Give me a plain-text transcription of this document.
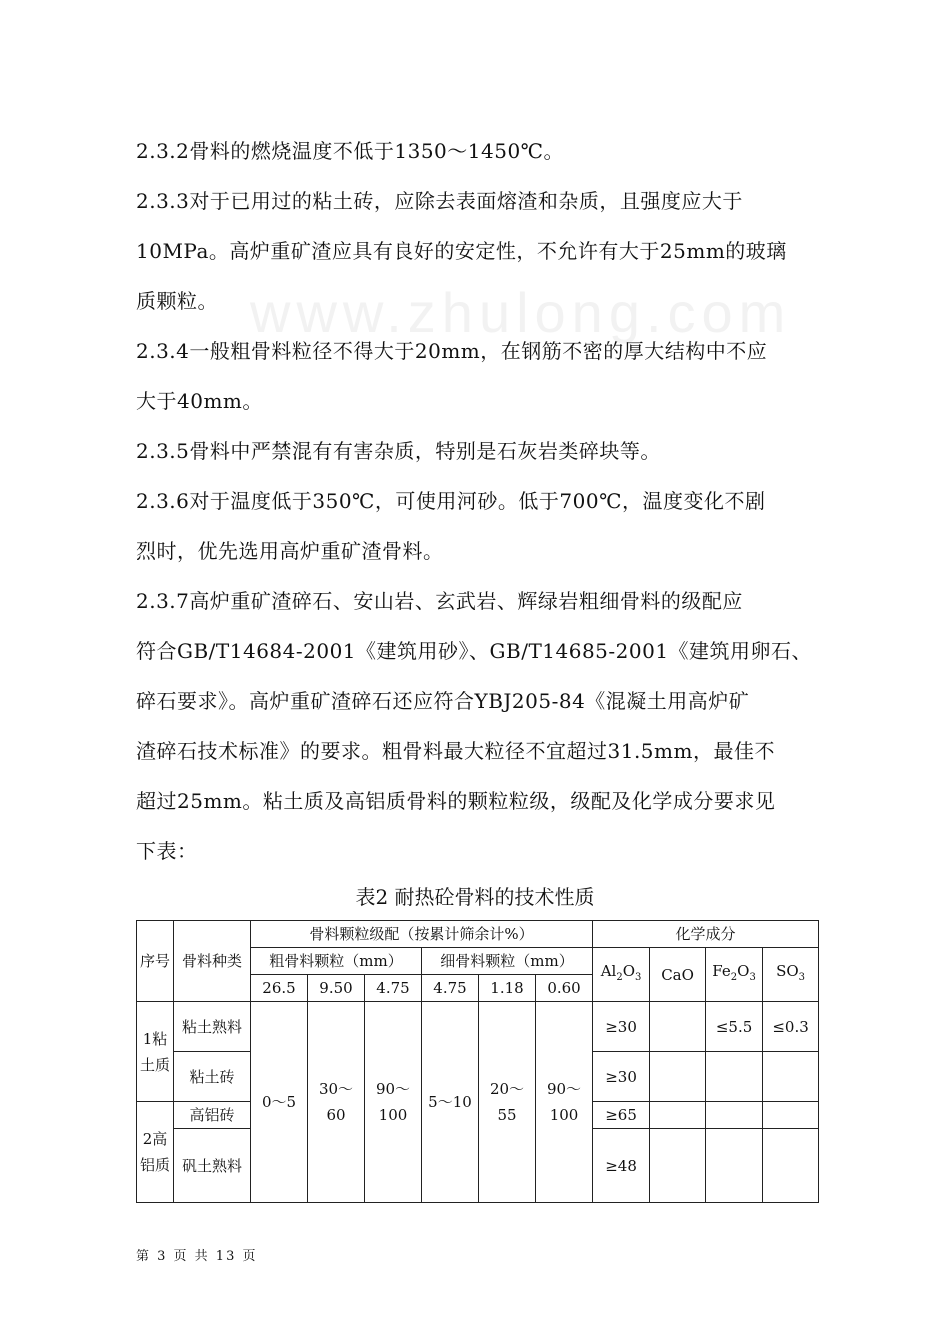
www.zhulong.com
2.3.2骨料的燃烧温度不低于1350～1450℃。
2.3.3对于已用过的粘土砖，应除去表面熔渣和杂质，且强度应大于
10MPa。高炉重矿渣应具有良好的安定性，不允许有大于25mm的玻璃
质颗粒。
2.3.4一般粗骨料粒径不得大于20mm，在钢筋不密的厚大结构中不应
大于40mm。
2.3.5骨料中严禁混有有害杂质，特别是石灰岩类碎块等。
2.3.6对于温度低于350℃，可使用河砂。低于700℃，温度变化不剧
烈时，优先选用高炉重矿渣骨料。
2.3.7高炉重矿渣碎石、安山岩、玄武岩、辉绿岩粗细骨料的级配应
符合GB/T14684-2001《建筑用砂》、GB/T14685-2001《建筑用卵石、
碎石要求》。高炉重矿渣碎石还应符合YBJ205-84《混凝土用高炉矿
渣碎石技术标准》的要求。粗骨料最大粒径不宜超过31.5mm，最佳不
超过25mm。粘土质及高铝质骨料的颗粒粒级，级配及化学成分要求见
下表：
表2 耐热砼骨料的技术性质
序号	骨料种类	骨料颗粒级配（按累计筛余计%）						化学成分			
		粗骨料颗粒（mm）			细骨料颗粒（mm）			$Al_2O_3$	CaO	$Fe_2O_3$	$SO_3$
		26.5	9.50	4.75	4.75	1.18	0.60				
1粘土质	粘土熟料	0～5	30～60	90～100	5～10	20～55	90～100	≥30		≤5.5	≤0.3
	粘土砖							≥30			
2高铝质	高铝砖							≥65			
	矾土熟料							≥48			
第 3 页 共 13 页
